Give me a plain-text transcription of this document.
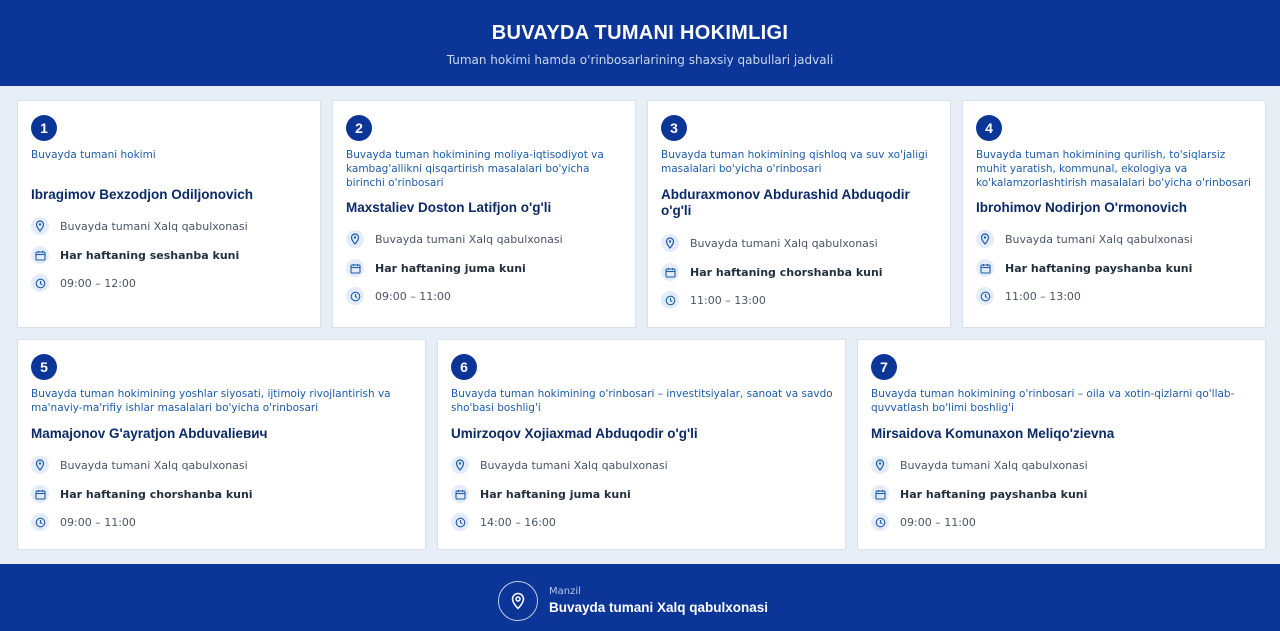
BUVAYDA TUMANI HOKIMLIGI
Tuman hokimi hamda o'rinbosarlarining shaxsiy qabullari jadvali
1
Buvayda tumani hokimi
Ibragimov Bexzodjon Odiljonovich
Buvayda tumani Xalq qabulxonasi
Har haftaning seshanba kuni
09:00 – 12:00
2
Buvayda tuman hokimining moliya-iqtisodiyot va kambag'allikni qisqartirish masalalari bo'yicha birinchi o'rinbosari
Maxstaliev Doston Latifjon o'g'li
Buvayda tumani Xalq qabulxonasi
Har haftaning juma kuni
09:00 – 11:00
3
Buvayda tuman hokimining qishloq va suv xo'jaligi masalalari bo'yicha o'rinbosari
Abduraxmonov Abdurashid Abduqodir o'g'li
Buvayda tumani Xalq qabulxonasi
Har haftaning chorshanba kuni
11:00 – 13:00
4
Buvayda tuman hokimining qurilish, to'siqlarsiz muhit yaratish, kommunal, ekologiya va ko'kalamzorlashtirish masalalari bo'yicha o'rinbosari
Ibrohimov Nodirjon O'rmonovich
Buvayda tumani Xalq qabulxonasi
Har haftaning payshanba kuni
11:00 – 13:00
5
Buvayda tuman hokimining yoshlar siyosati, ijtimoiy rivojlantirish va ma'naviy-ma'rifiy ishlar masalalari bo'yicha o'rinbosari
Mamajonov G'ayratjon Abduvaliевич
Buvayda tumani Xalq qabulxonasi
Har haftaning chorshanba kuni
09:00 – 11:00
6
Buvayda tuman hokimining o'rinbosari – investitsiyalar, sanoat va savdo sho'basi boshlig'i
Umirzoqov Xojiaxmad Abduqodir o'g'li
Buvayda tumani Xalq qabulxonasi
Har haftaning juma kuni
14:00 – 16:00
7
Buvayda tuman hokimining o'rinbosari – oila va xotin-qizlarni qo'llab-quvvatlash bo'limi boshlig'i
Mirsaidova Komunaxon Meliqo'zievna
Buvayda tumani Xalq qabulxonasi
Har haftaning payshanba kuni
09:00 – 11:00
Manzil
Buvayda tumani Xalq qabulxonasi
